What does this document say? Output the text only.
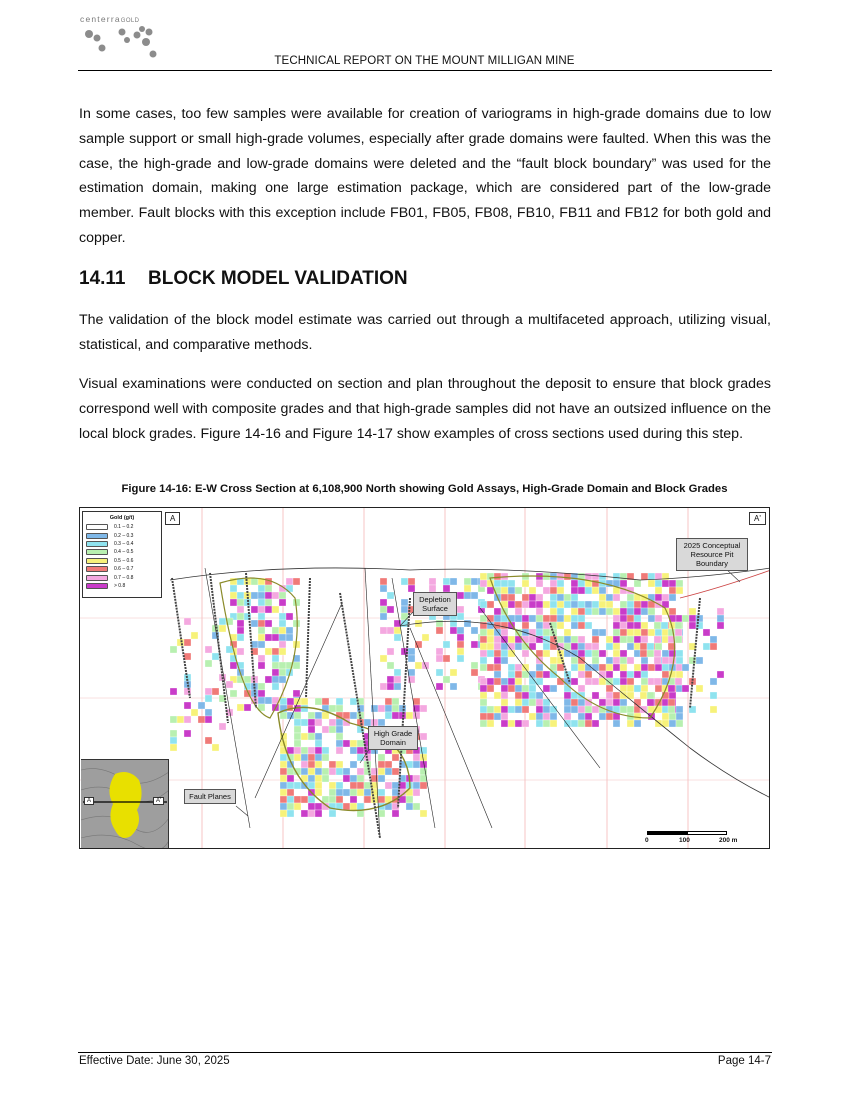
centerraGOLD
TECHNICAL REPORT ON THE MOUNT MILLIGAN MINE

In some cases, too few samples were available for creation of variograms in high-grade domains due to low sample support or small high-grade volumes, especially after grade domains were faulted. When this was the case, the high-grade and low-grade domains were deleted and the “fault block boundary” was used for the estimation domain, making one large estimation package, which are considered part of the low-grade member. Fault blocks with this exception include FB01, FB05, FB08, FB10, FB11 and FB12 for both gold and copper.

14.11 BLOCK MODEL VALIDATION

The validation of the block model estimate was carried out through a multifaceted approach, utilizing visual, statistical, and comparative methods.

Visual examinations were conducted on section and plan throughout the deposit to ensure that block grades correspond well with composite grades and that high-grade samples did not have an outsized influence on the local block grades. Figure 14-16 and Figure 14-17 show examples of cross sections used during this step.

Figure 14-16: E-W Cross Section at 6,108,900 North showing Gold Assays, High-Grade Domain and Block Grades
Gold (g/t)
0.1 – 0.2
0.2 – 0.3
0.3 – 0.4
0.4 – 0.5
0.5 – 0.6
0.6 – 0.7
0.7 – 0.8
> 0.8
A	A'
2025 Conceptual Resource Pit Boundary
Depletion Surface
High Grade Domain
Fault Planes
A	A'
0	100	200 m
Effective Date: June 30, 2025	Page 14-7
